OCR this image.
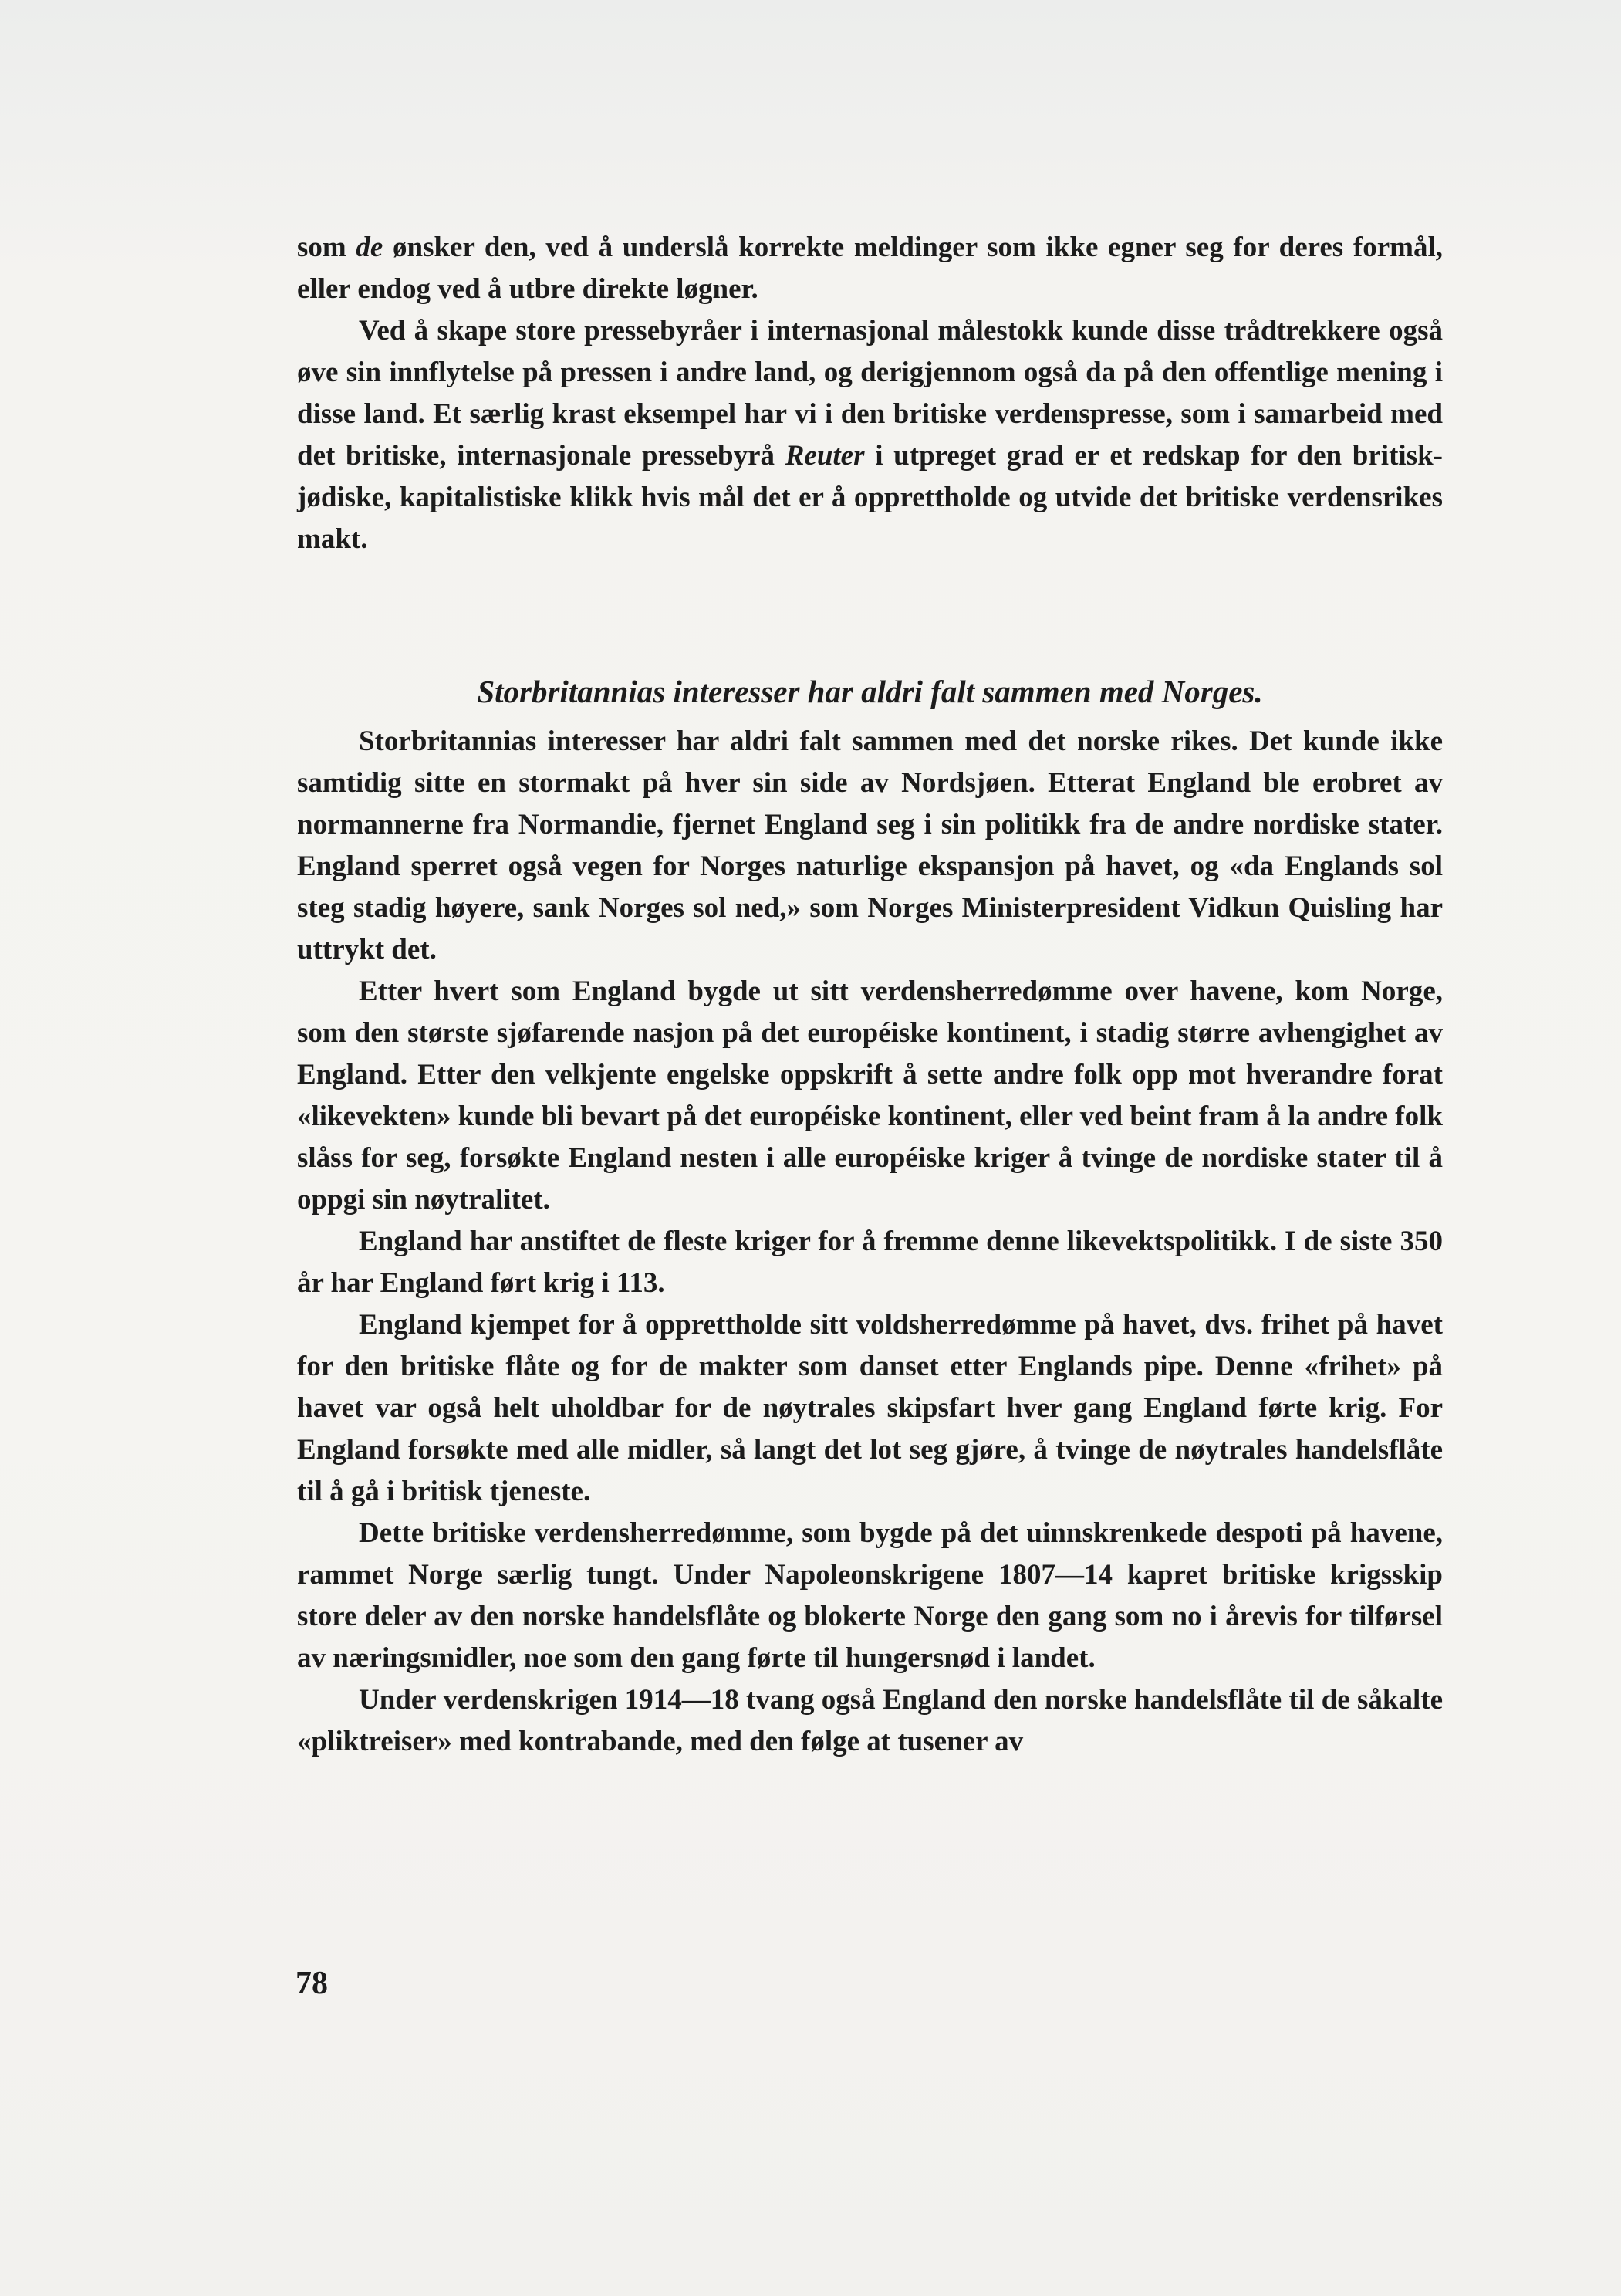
som de ønsker den, ved å underslå korrekte meldinger som ikke egner seg for deres formål, eller endog ved å utbre direkte løgner.

Ved å skape store pressebyråer i internasjonal målestokk kunde disse trådtrekkere også øve sin innflytelse på pressen i andre land, og derigjennom også da på den offentlige mening i disse land. Et særlig krast eksempel har vi i den britiske verdenspresse, som i samarbeid med det britiske, internasjonale pressebyrå Reuter i utpreget grad er et redskap for den britisk-jødiske, kapitalistiske klikk hvis mål det er å opprettholde og utvide det britiske verdensrikes makt.

Storbritannias interesser har aldri falt sammen med Norges.

Storbritannias interesser har aldri falt sammen med det norske rikes. Det kunde ikke samtidig sitte en stormakt på hver sin side av Nordsjøen. Etterat England ble erobret av normannerne fra Normandie, fjernet England seg i sin politikk fra de andre nordiske stater. England sperret også vegen for Norges naturlige ekspansjon på havet, og «da Englands sol steg stadig høyere, sank Norges sol ned,» som Norges Ministerpresident Vidkun Quisling har uttrykt det.

Etter hvert som England bygde ut sitt verdensherredømme over havene, kom Norge, som den største sjøfarende nasjon på det européiske kontinent, i stadig større avhengighet av England. Etter den velkjente engelske oppskrift å sette andre folk opp mot hverandre forat «likevekten» kunde bli bevart på det européiske kontinent, eller ved beint fram å la andre folk slåss for seg, forsøkte England nesten i alle européiske kriger å tvinge de nordiske stater til å oppgi sin nøytralitet.

England har anstiftet de fleste kriger for å fremme denne likevektspolitikk. I de siste 350 år har England ført krig i 113.

England kjempet for å opprettholde sitt voldsherredømme på havet, dvs. frihet på havet for den britiske flåte og for de makter som danset etter Englands pipe. Denne «frihet» på havet var også helt uholdbar for de nøytrales skipsfart hver gang England førte krig. For England forsøkte med alle midler, så langt det lot seg gjøre, å tvinge de nøytrales handelsflåte til å gå i britisk tjeneste.

Dette britiske verdensherredømme, som bygde på det uinnskrenkede despoti på havene, rammet Norge særlig tungt. Under Napoleonskrigene 1807—14 kapret britiske krigsskip store deler av den norske handelsflåte og blokerte Norge den gang som no i årevis for tilførsel av næringsmidler, noe som den gang førte til hungersnød i landet.

Under verdenskrigen 1914—18 tvang også England den norske handelsflåte til de såkalte «pliktreiser» med kontrabande, med den følge at tusener av

78
